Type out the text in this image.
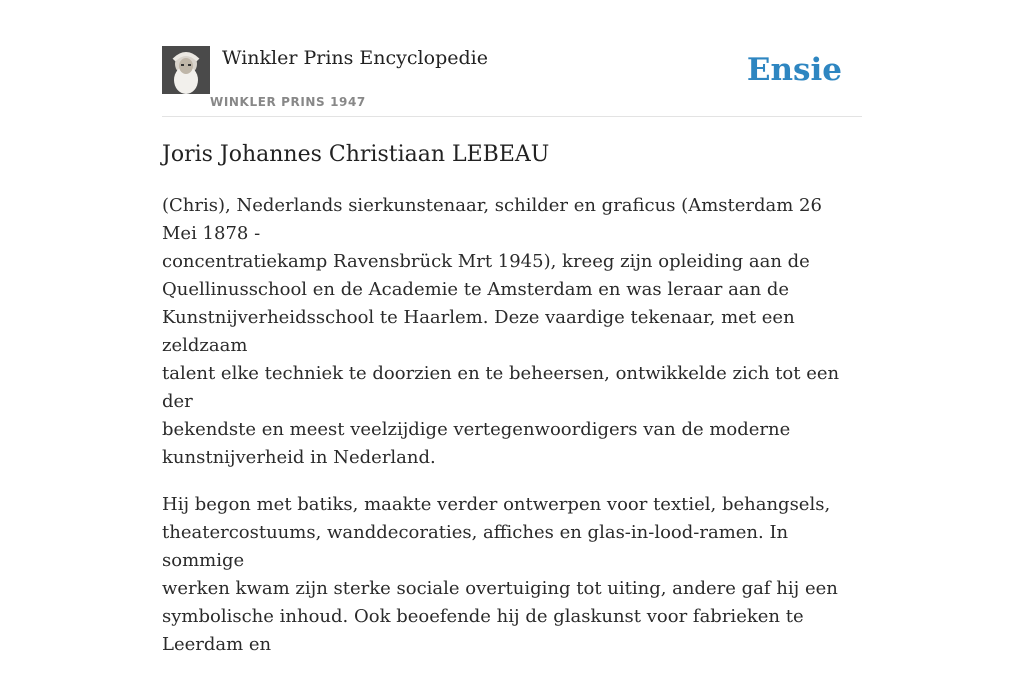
Winkler Prins Encyclopedie
WINKLER PRINS 1947
Ensie
Joris Johannes Christiaan LEBEAU

(Chris), Nederlands sierkunstenaar, schilder en graficus (Amsterdam 26 Mei 1878 -
concentratiekamp Ravensbrück Mrt 1945), kreeg zijn opleiding aan de
Quellinusschool en de Academie te Amsterdam en was leraar aan de
Kunstnijverheidsschool te Haarlem. Deze vaardige tekenaar, met een zeldzaam
talent elke techniek te doorzien en te beheersen, ontwikkelde zich tot een der
bekendste en meest veelzijdige vertegenwoordigers van de moderne
kunstnijverheid in Nederland.

Hij begon met batiks, maakte verder ontwerpen voor textiel, behangsels,
theatercostuums, wanddecoraties, affiches en glas-in-lood-ramen. In sommige
werken kwam zijn sterke sociale overtuiging tot uiting, andere gaf hij een
symbolische inhoud. Ook beoefende hij de glaskunst voor fabrieken te Leerdam en
